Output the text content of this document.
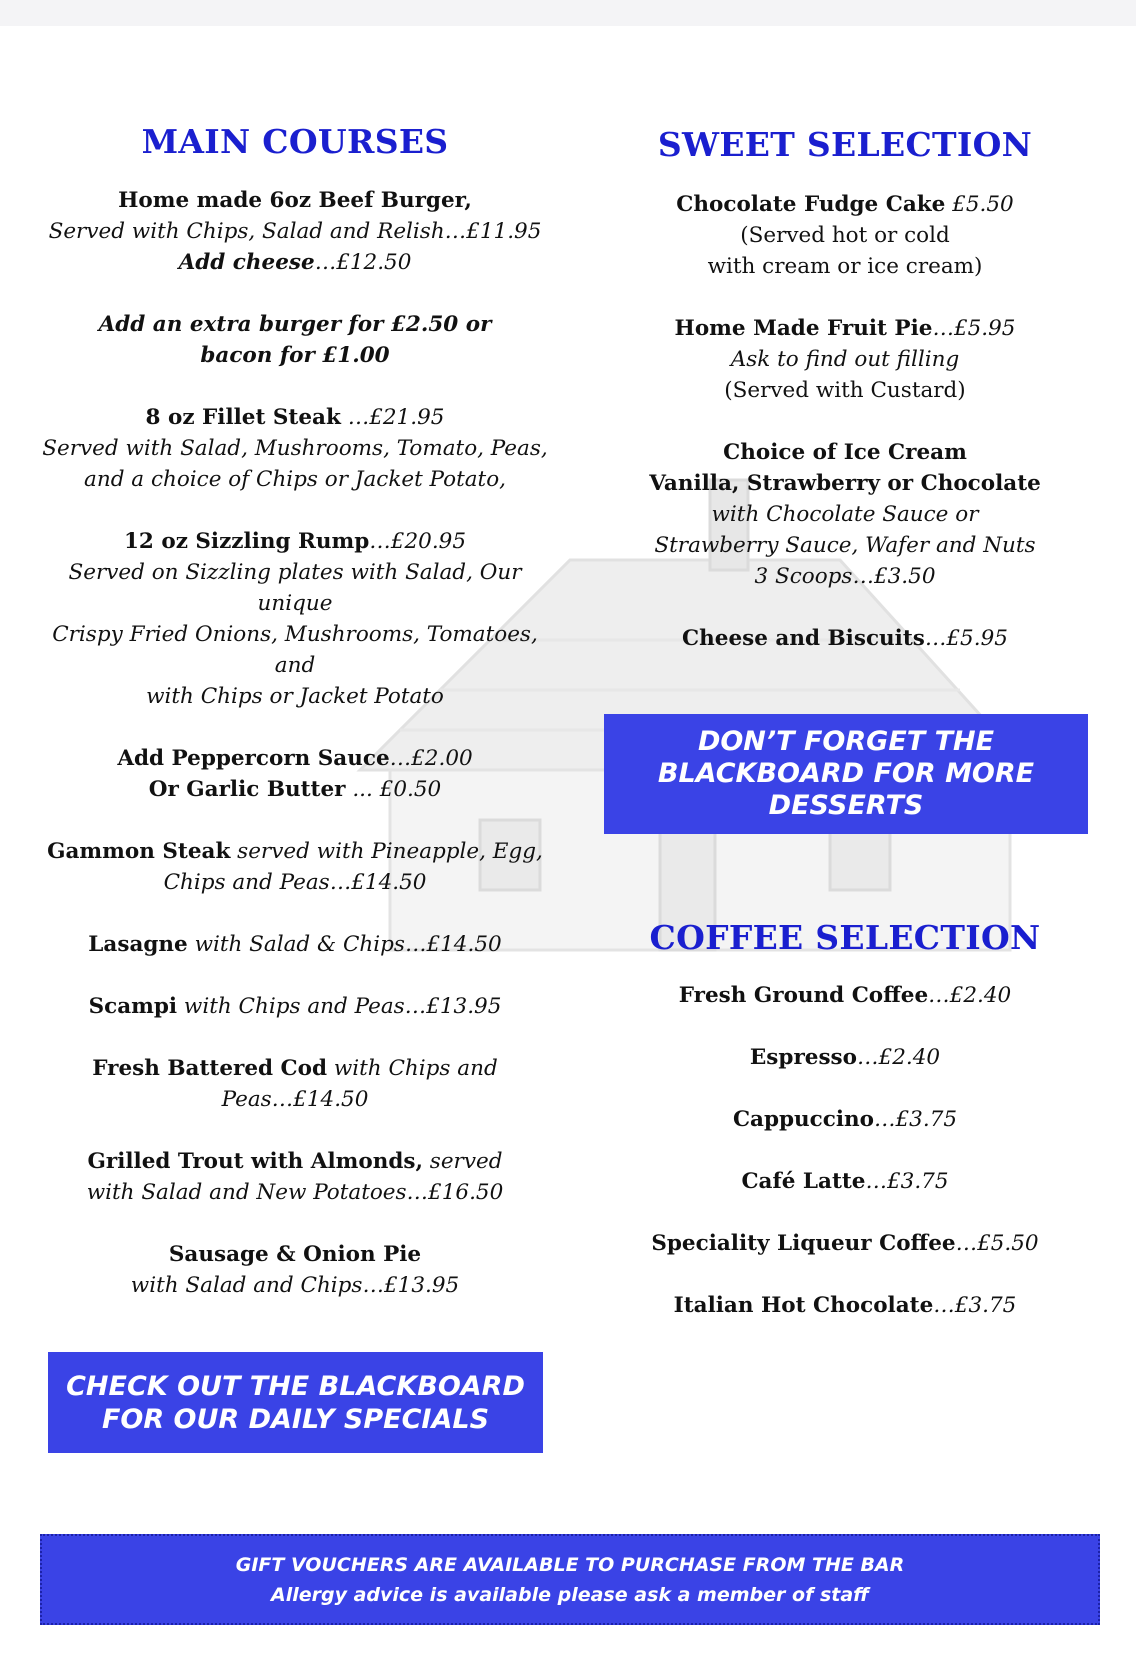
MAIN COURSES

Home made 6oz Beef Burger,
Served with Chips, Salad and Relish…£11.95
Add cheese…£12.50

Add an extra burger for £2.50 or
bacon for £1.00

8 oz Fillet Steak …£21.95
Served with Salad, Mushrooms, Tomato, Peas,
and a choice of Chips or Jacket Potato,

12 oz Sizzling Rump…£20.95
Served on Sizzling plates with Salad, Our unique
Crispy Fried Onions, Mushrooms, Tomatoes, and
with Chips or Jacket Potato

Add Peppercorn Sauce…£2.00
Or Garlic Butter ... £0.50

Gammon Steak served with Pineapple, Egg,
Chips and Peas…£14.50

Lasagne with Salad & Chips…£14.50

Scampi with Chips and Peas…£13.95

Fresh Battered Cod with Chips and
Peas…£14.50

Grilled Trout with Almonds, served
with Salad and New Potatoes…£16.50

Sausage & Onion Pie
with Salad and Chips…£13.95

CHECK OUT THE BLACKBOARD
FOR OUR DAILY SPECIALS
SWEET SELECTION

Chocolate Fudge Cake £5.50
(Served hot or cold
with cream or ice cream)

Home Made Fruit Pie…£5.95
Ask to find out filling
(Served with Custard)

Choice of Ice Cream
Vanilla, Strawberry or Chocolate
with Chocolate Sauce or
Strawberry Sauce, Wafer and Nuts
3 Scoops…£3.50

Cheese and Biscuits…£5.95

DON’T FORGET THE
BLACKBOARD FOR MORE
DESSERTS
COFFEE SELECTION

Fresh Ground Coffee…£2.40

Espresso…£2.40

Cappuccino…£3.75

Café Latte…£3.75

Speciality Liqueur Coffee…£5.50

Italian Hot Chocolate…£3.75

GIFT VOUCHERS ARE AVAILABLE TO PURCHASE FROM THE BAR
Allergy advice is available please ask a member of staff
